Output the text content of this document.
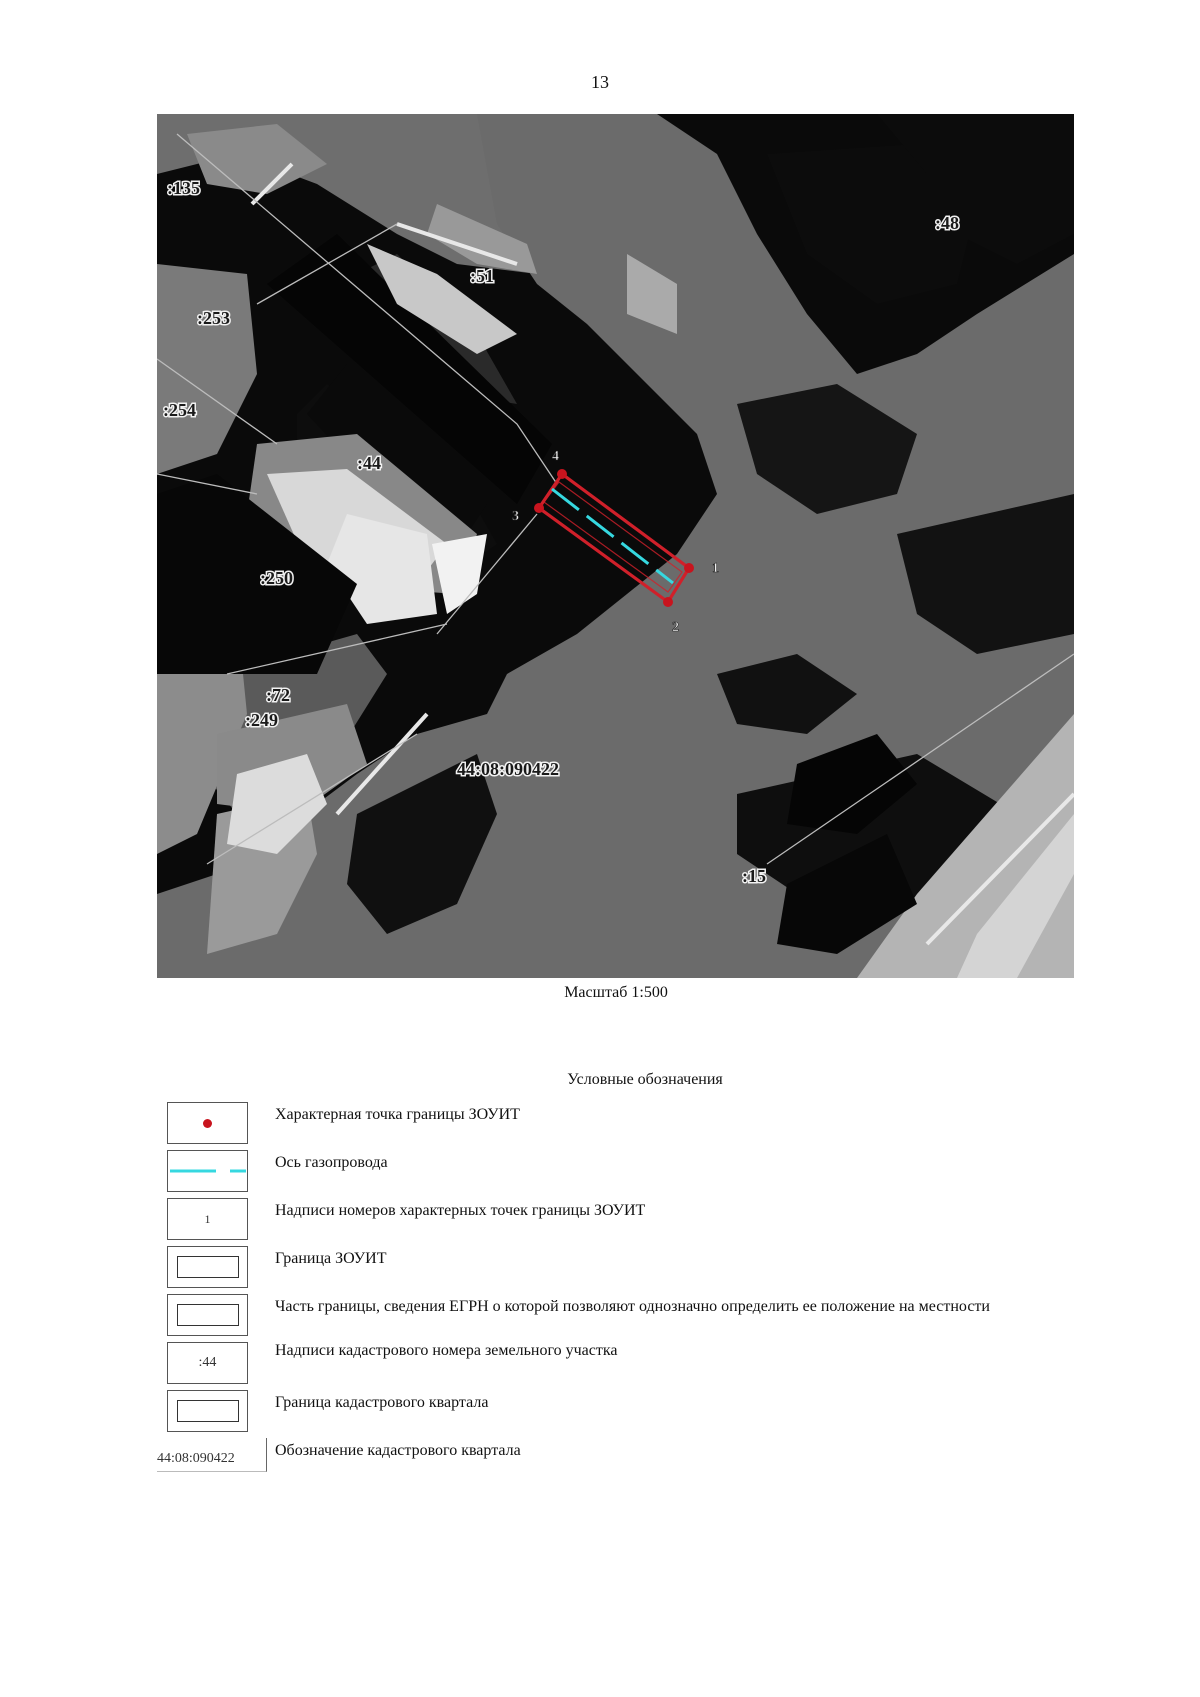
13
1
2
3
4
:135
:48
:51
:253
:254
:44
:250
:72
:249
:15
44:08:090422
Масштаб 1:500
Условные обозначения
Характерная точка границы ЗОУИТ
Ось газопровода
1	Надписи номеров характерных точек границы ЗОУИТ
Граница ЗОУИТ
Часть границы, сведения ЕГРН о которой позволяют однозначно определить ее положение на местности
:44
Надписи кадастрового номера земельного участка
Граница кадастрового квартала
44:08:090422	Обозначение кадастрового квартала
